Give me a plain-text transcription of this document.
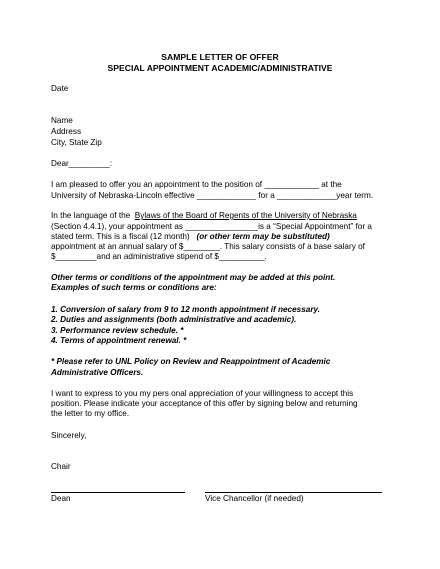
SAMPLE LETTER OF OFFER
SPECIAL APPOINTMENT ACADEMIC/ADMINISTRATIVE
Date
Name
Address
City, State Zip
Dear_________:
I am pleased to offer you an appointment to the position of ____________ at the
University of Nebraska-Lincoln effective _____________ for a _____________year term.
In the language of the Bylaws of the Board of Regents of the University of Nebraska
(Section 4.4.1), your appointment as ________________is a “Special Appointment” for a
stated term. This is a fiscal (12 month) (or other term may be substituted)
appointment at an annual salary of $________. This salary consists of a base salary of
$_________and an administrative stipend of $__________.
Other terms or conditions of the appointment may be added at this point.
Examples of such terms or conditions are:
1. Conversion of salary from 9 to 12 month appointment if necessary.
2. Duties and assignments (both administrative and academic).
3. Performance review schedule. *
4. Terms of appointment renewal. *
* Please refer to UNL Policy on Review and Reappointment of Academic
Administrative Officers.
I want to express to you my pers onal appreciation of your willingness to accept this
position. Please indicate your acceptance of this offer by signing below and returning
the letter to my office.
Sincerely,
Chair
Dean	Vice Chancellor (if needed)
